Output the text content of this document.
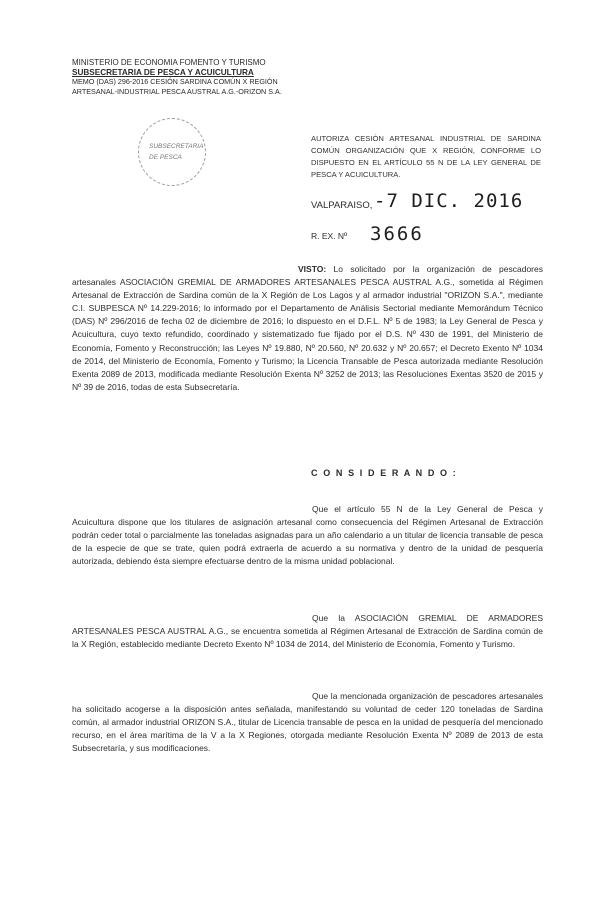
MINISTERIO DE ECONOMIA FOMENTO Y TURISMO
SUBSECRETARIA DE PESCA Y ACUICULTURA
MEMO (DAS) 296-2016 CESIÓN SARDINA COMÚN X REGIÓN
ARTESANAL-INDUSTRIAL PESCA AUSTRAL A.G.-ORIZON S.A.
SUBSECRETARIA
DE PESCA
AUTORIZA CESIÓN ARTESANAL INDUSTRIAL DE SARDINA COMÚN ORGANIZACIÓN QUE X REGIÓN, CONFORME LO DISPUESTO EN EL ARTÍCULO 55 N DE LA LEY GENERAL DE PESCA Y ACUICULTURA.
VALPARAISO, -7 DIC. 2016
R. EX. Nº 3666
VISTO: Lo solicitado por la organización de pescadores artesanales ASOCIACIÓN GREMIAL DE ARMADORES ARTESANALES PESCA AUSTRAL A.G., sometida al Régimen Artesanal de Extracción de Sardina común de la X Región de Los Lagos y al armador industrial "ORIZON S.A.", mediante C.I. SUBPESCA Nº 14.229-2016; lo informado por el Departamento de Análisis Sectorial mediante Memorándum Técnico (DAS) Nº 296/2016 de fecha 02 de diciembre de 2016; lo dispuesto en el D.F.L. Nº 5 de 1983; la Ley General de Pesca y Acuicultura, cuyo texto refundido, coordinado y sistematizado fue fijado por el D.S. Nº 430 de 1991, del Ministerio de Economía, Fomento y Reconstrucción; las Leyes Nº 19.880, Nº 20.560, Nº 20.632 y Nº 20.657; el Decreto Exento Nº 1034 de 2014, del Ministerio de Economía, Fomento y Turismo; la Licencia Transable de Pesca autorizada mediante Resolución Exenta 2089 de 2013, modificada mediante Resolución Exenta Nº 3252 de 2013; las Resoluciones Exentas 3520 de 2015 y Nº 39 de 2016, todas de esta Subsecretaría.
C O N S I D E R A N D O :
Que el artículo 55 N de la Ley General de Pesca y Acuicultura dispone que los titulares de asignación artesanal como consecuencia del Régimen Artesanal de Extracción podrán ceder total o parcialmente las toneladas asignadas para un año calendario a un titular de licencia transable de pesca de la especie de que se trate, quien podrá extraerla de acuerdo a su normativa y dentro de la unidad de pesquería autorizada, debiendo ésta siempre efectuarse dentro de la misma unidad poblacional.
Que la ASOCIACIÓN GREMIAL DE ARMADORES ARTESANALES PESCA AUSTRAL A.G., se encuentra sometida al Régimen Artesanal de Extracción de Sardina común de la X Región, establecido mediante Decreto Exento Nº 1034 de 2014, del Ministerio de Economía, Fomento y Turismo.
Que la mencionada organización de pescadores artesanales ha solicitado acogerse a la disposición antes señalada, manifestando su voluntad de ceder 120 toneladas de Sardina común, al armador industrial ORIZON S.A., titular de Licencia transable de pesca en la unidad de pesquería del mencionado recurso, en el área marítima de la V a la X Regiones, otorgada mediante Resolución Exenta Nº 2089 de 2013 de esta Subsecretaría, y sus modificaciones.
